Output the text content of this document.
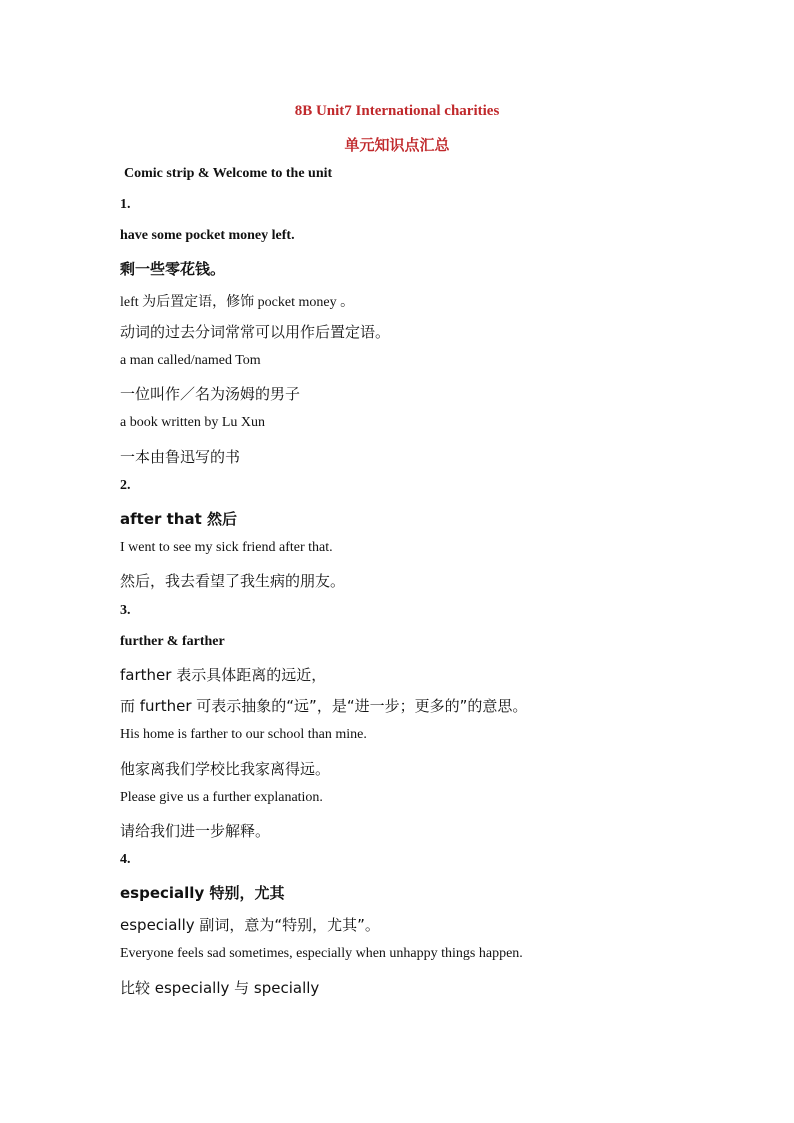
8B Unit7 International charities
单元知识点汇总
Comic strip & Welcome to the unit
1.
have some pocket money left.
剩一些零花钱。
left 为后置定语，修饰 pocket money 。
动词的过去分词常常可以用作后置定语。
a man called/named Tom
一位叫作／名为汤姆的男子
a book written by Lu Xun
一本由鲁迅写的书
2.
after that 然后
I went to see my sick friend after that.
然后，我去看望了我生病的朋友。
3.
further & farther
farther 表示具体距离的远近，
而 further 可表示抽象的“远”，是“进一步；更多的”的意思。
His home is farther to our school than mine.
他家离我们学校比我家离得远。
Please give us a further explanation.
请给我们进一步解释。
4.
especially 特别，尤其
especially 副词，意为“特别，尤其”。
Everyone feels sad sometimes, especially when unhappy things happen.
比较 especially 与 specially
